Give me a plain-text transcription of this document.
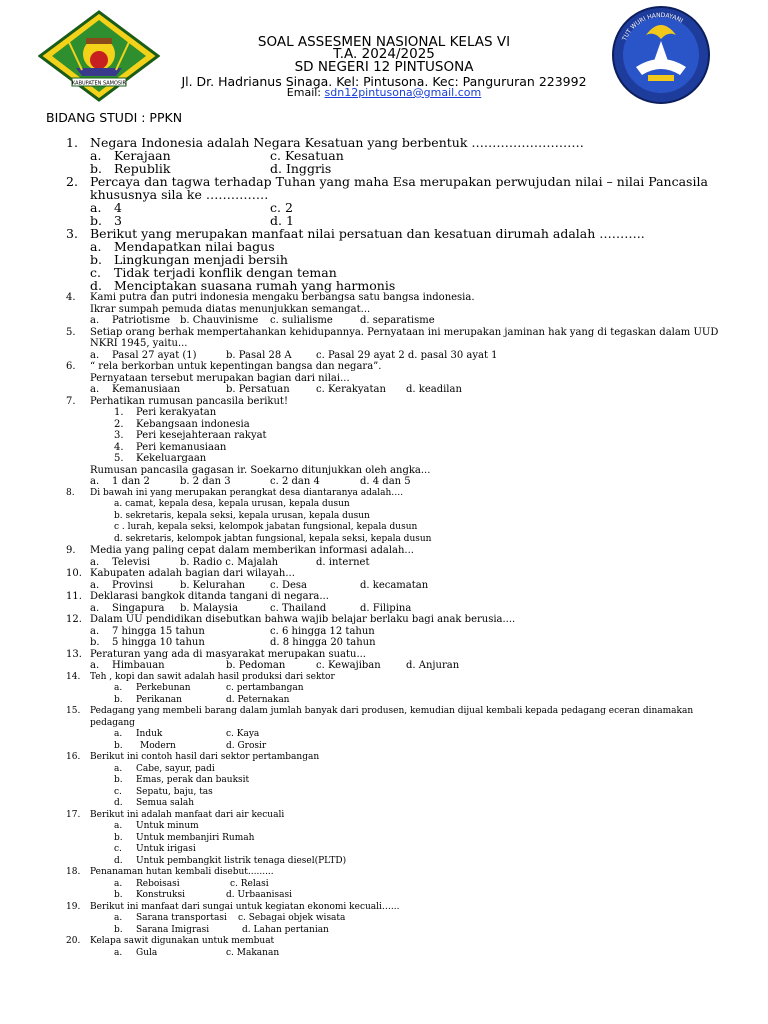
KABUPATEN SAMOSIR
SOAL ASSESMEN NASIONAL KELAS VI
T.A. 2024/2025
SD NEGERI 12 PINTUSONA
Jl. Dr. Hadrianus Sinaga. Kel: Pintusona. Kec: Pangururan 223992
Email: sdn12pintusona@gmail.com
TUT WURI HANDAYANI
BIDANG STUDI : PPKN
1. Negara Indonesia adalah Negara Kesatuan yang berbentuk ………………………
a. Kerajaan	c. Kesatuan
b. Republik	d. Inggris
2. Percaya dan tagwa terhadap Tuhan yang maha Esa merupakan perwujudan nilai – nilai Pancasila khususnya sila ke ……………
a. 4	c. 2
b. 3	d. 1
3. Berikut yang merupakan manfaat nilai persatuan dan kesatuan dirumah adalah ………..
a. Mendapatkan nilai bagus
b. Lingkungan menjadi bersih
c. Tidak terjadi konflik dengan teman
d. Menciptakan suasana rumah yang harmonis
4. Kami putra dan putri indonesia mengaku berbangsa satu bangsa indonesia.
Ikrar sumpah pemuda diatas menunjukkan semangat...
a. Patriotisme b. Chauvinisme c. sulialisme	d. separatisme
5. Setiap orang berhak mempertahankan kehidupannya. Pernyataan ini merupakan jaminan hak yang di tegaskan dalam UUD NKRI 1945, yaitu...
a. Pasal 27 ayat (1)	b. Pasal 28 A c. Pasal 29 ayat 2 d. pasal 30 ayat 1
6. “ rela berkorban untuk kepentingan bangsa dan negara”.
Pernyataan tersebut merupakan bagian dari nilai...
a. Kemanusiaan	b. Persatuan	c. Kerakyatan d. keadilan
7. Perhatikan rumusan pancasila berikut!
1. Peri kerakyatan
2. Kebangsaan indonesia
3. Peri kesejahteraan rakyat
4. Peri kemanusiaan
5. Kekeluargaan
Rumusan pancasila gagasan ir. Soekarno ditunjukkan oleh angka...
a. 1 dan 2	b. 2 dan 3	c. 2 dan 4	d. 4 dan 5
8. Di bawah ini yang merupakan perangkat desa diantaranya adalah….
a. camat, kepala desa, kepala urusan, kepala dusun
b. sekretaris, kepala seksi, kepala urusan, kepala dusun
c . lurah, kepala seksi, kelompok jabatan fungsional, kepala dusun
d. sekretaris, kelompok jabtan fungsional, kepala seksi, kepala dusun
9. Media yang paling cepat dalam memberikan informasi adalah...
a. Televisi	b. Radio c. Majalah	d. internet
10. Kabupaten adalah bagian dari wilayah...
a. Provinsi	b. Kelurahan c. Desa	d. kecamatan
11. Deklarasi bangkok ditanda tangani di negara...
a. Singapura b. Malaysia	c. Thailand	d. Filipina
12. Dalam UU pendidikan disebutkan bahwa wajib belajar berlaku bagi anak berusia....
a. 7 hingga 15 tahun	c. 6 hingga 12 tahun
b. 5 hingga 10 tahun	d. 8 hingga 20 tahun
13. Peraturan yang ada di masyarakat merupakan suatu...
a. Himbauan	b. Pedoman	c. Kewajiban	d. Anjuran
14. Teh , kopi dan sawit adalah hasil produksi dari sektor
a. Perkebunan	c. pertambangan
b. Perikanan	d. Peternakan
15. Pedagang yang membeli barang dalam jumlah banyak dari produsen, kemudian dijual kembali kepada pedagang eceran dinamakan pedagang
a. Induk	c. Kaya
b. Modern	d. Grosir
16. Berikut ini contoh hasil dari sektor pertambangan
a. Cabe, sayur, padi
b. Emas, perak dan bauksit
c. Sepatu, baju, tas
d. Semua salah
17. Berikut ini adalah manfaat dari air kecuali
a. Untuk minum
b. Untuk membanjiri Rumah
c. Untuk irigasi
d. Untuk pembangkit listrik tenaga diesel(PLTD)
18. Penanaman hutan kembali disebut.........
a. Reboisasi	c. Relasi
b. Konstruksi	d. Urbaanisasi
19. Berikut ini manfaat dari sungai untuk kegiatan ekonomi kecuali…...
a. Sarana transportasi c. Sebagai objek wisata
b. Sarana Imigrasi	d. Lahan pertanian
20. Kelapa sawit digunakan untuk membuat
a. Gula	c. Makanan
